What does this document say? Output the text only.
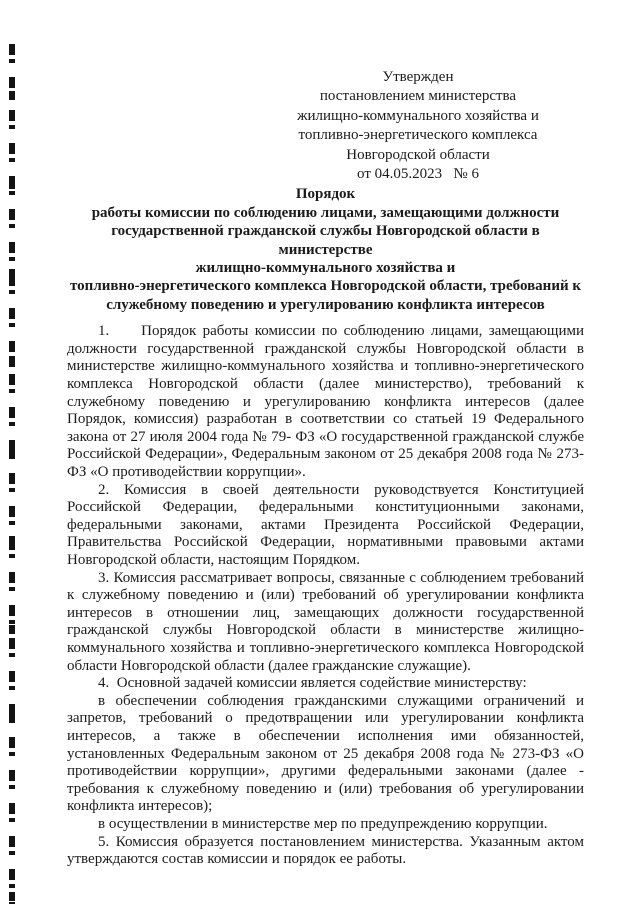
Утвержден
постановлением министерства
жилищно-коммунального хозяйства и
топливно-энергетического комплекса
Новгородской области
от 04.05.2023   № 6
Порядок
работы комиссии по соблюдению лицами, замещающими должности
государственной гражданской службы Новгородской области в министерстве
жилищно-коммунального хозяйства и
топливно-энергетического комплекса Новгородской области, требований к
служебному поведению и урегулированию конфликта интересов

1.     Порядок работы комиссии по соблюдению лицами, замещающими должности государственной гражданской службы Новгородской области в министерстве жилищно-коммунального хозяйства и топливно-энергетического комплекса Новгородской области (далее министерство), требований к служебному поведению и урегулированию конфликта интересов (далее Порядок, комиссия) разработан в соответствии со статьей 19 Федерального закона от 27 июля 2004 года № 79- ФЗ «О государственной гражданской службе Российской Федерации», Федеральным законом от 25 декабря 2008 года № 273-ФЗ «О противодействии коррупции».

2. Комиссия в своей деятельности руководствуется Конституцией Российской Федерации, федеральными конституционными законами, федеральными законами, актами Президента Российской Федерации, Правительства Российской Федерации, нормативными правовыми актами Новгородской области, настоящим Порядком.

3. Комиссия рассматривает вопросы, связанные с соблюдением требований к служебному поведению и (или) требований об урегулировании конфликта интересов в отношении лиц, замещающих должности государственной гражданской службы Новгородской области в министерстве жилищно-коммунального хозяйства и топливно-энергетического комплекса Новгородской области Новгородской области (далее гражданские служащие).

4.  Основной задачей комиссии является содействие министерству:

в обеспечении соблюдения гражданскими служащими ограничений и запретов, требований о предотвращении или урегулировании конфликта интересов, а также в обеспечении исполнения ими обязанностей, установленных Федеральным законом от 25 декабря 2008 года № 273-ФЗ «О противодействии коррупции», другими федеральными законами (далее - требования к служебному поведению и (или) требования об урегулировании конфликта интересов);

в осуществлении в министерстве мер по предупреждению коррупции.

5. Комиссия образуется постановлением министерства. Указанным актом утверждаются состав комиссии и порядок ее работы.
